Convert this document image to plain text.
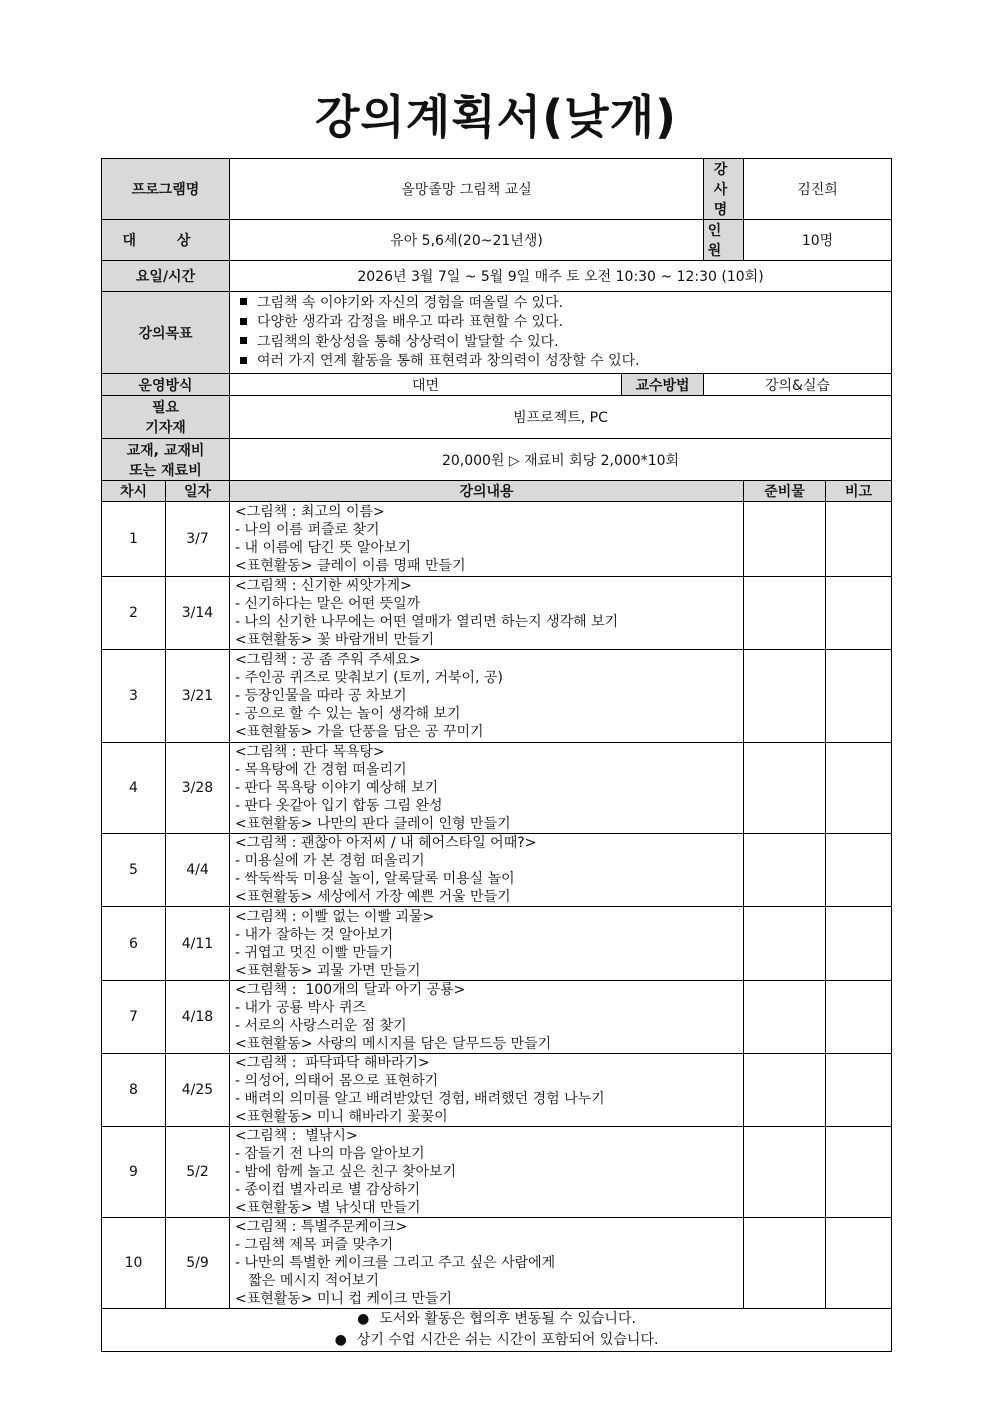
강의계획서(낮개)
프로그램명		올망졸망 그림책 교실		강 사 명	김진희	
대 상		유아 5,6세(20~21년생)		인 원	10명	
요일/시간		2026년 3월 7일 ~ 5월 9일 매주 토 오전 10:30 ~ 12:30 (10회)				
강의목표		그림책 속 이야기와 자신의 경험을 떠올릴 수 있다.
다양한 생각과 감정을 배우고 따라 표현할 수 있다.
그림책의 환상성을 통해 상상력이 발달할 수 있다.
여러 가지 연계 활동을 통해 표현력과 창의력이 성장할 수 있다.				

운영방식		대면	교수방법	강의&실습		

필요
기자재		빔프로젝트, PC				

교재, 교재비
또는 재료비		20,000원 ▷ 재료비 회당 2,000*10회				
차시	일자	강의내용			준비물	비고
1	3/7	<그림책 : 최고의 이름>
- 나의 이름 퍼즐로 찾기
- 내 이름에 담긴 뜻 알아보기
<표현활동> 클레이 이름 명패 만들기				

2	3/14	<그림책 : 신기한 씨앗가게>
- 신기하다는 말은 어떤 뜻일까
- 나의 신기한 나무에는 어떤 열매가 열리면 하는지 생각해 보기
<표현활동> 꽃 바람개비 만들기				

3	3/21	<그림책 : 공 좀 주워 주세요>
- 주인공 퀴즈로 맞춰보기 (토끼, 거북이, 공)
- 등장인물을 따라 공 차보기
- 공으로 할 수 있는 놀이 생각해 보기
<표현활동> 가을 단풍을 담은 공 꾸미기				

4	3/28	<그림책 : 판다 목욕탕>
- 목욕탕에 간 경험 떠올리기
- 판다 목욕탕 이야기 예상해 보기
- 판다 옷같아 입기 합동 그림 완성
<표현활동> 나만의 판다 클레이 인형 만들기				

5	4/4	<그림책 : 괜찮아 아저씨 / 내 헤어스타일 어때?>
- 미용실에 가 본 경험 떠올리기
- 싹둑싹둑 미용실 놀이, 알록달록 미용실 놀이
<표현활동> 세상에서 가장 예쁜 거울 만들기				

6	4/11	<그림책 : 이빨 없는 이빨 괴물>
- 내가 잘하는 것 알아보기
- 귀엽고 멋진 이빨 만들기
<표현활동> 괴물 가면 만들기				

7	4/18	<그림책 :  100개의 달과 아기 공룡>
- 내가 공룡 박사 퀴즈
- 서로의 사랑스러운 점 찾기
<표현활동> 사랑의 메시지를 담은 달무드등 만들기				

8	4/25	<그림책 :  파닥파닥 해바라기>
- 의성어, 의태어 몸으로 표현하기
- 배려의 의미를 알고 배려받았던 경험, 배려했던 경험 나누기
<표현활동> 미니 해바라기 꽃꽂이				

9	5/2	<그림책 :  별낚시>
- 잠들기 전 나의 마음 알아보기
- 밤에 함께 놀고 싶은 친구 찾아보기
- 종이컵 별자리로 별 감상하기
<표현활동> 별 낚싯대 만들기				

10	5/9	<그림책 : 특별주문케이크>
- 그림책 제목 퍼즐 맞추기
- 나만의 특별한 케이크를 그리고 주고 싶은 사람에게
짧은 메시지 적어보기
<표현활동> 미니 컵 케이크 만들기				

● 도서와 활동은 협의후 변동될 수 있습니다.
● 상기 수업 시간은 쉬는 시간이 포함되어 있습니다.						
